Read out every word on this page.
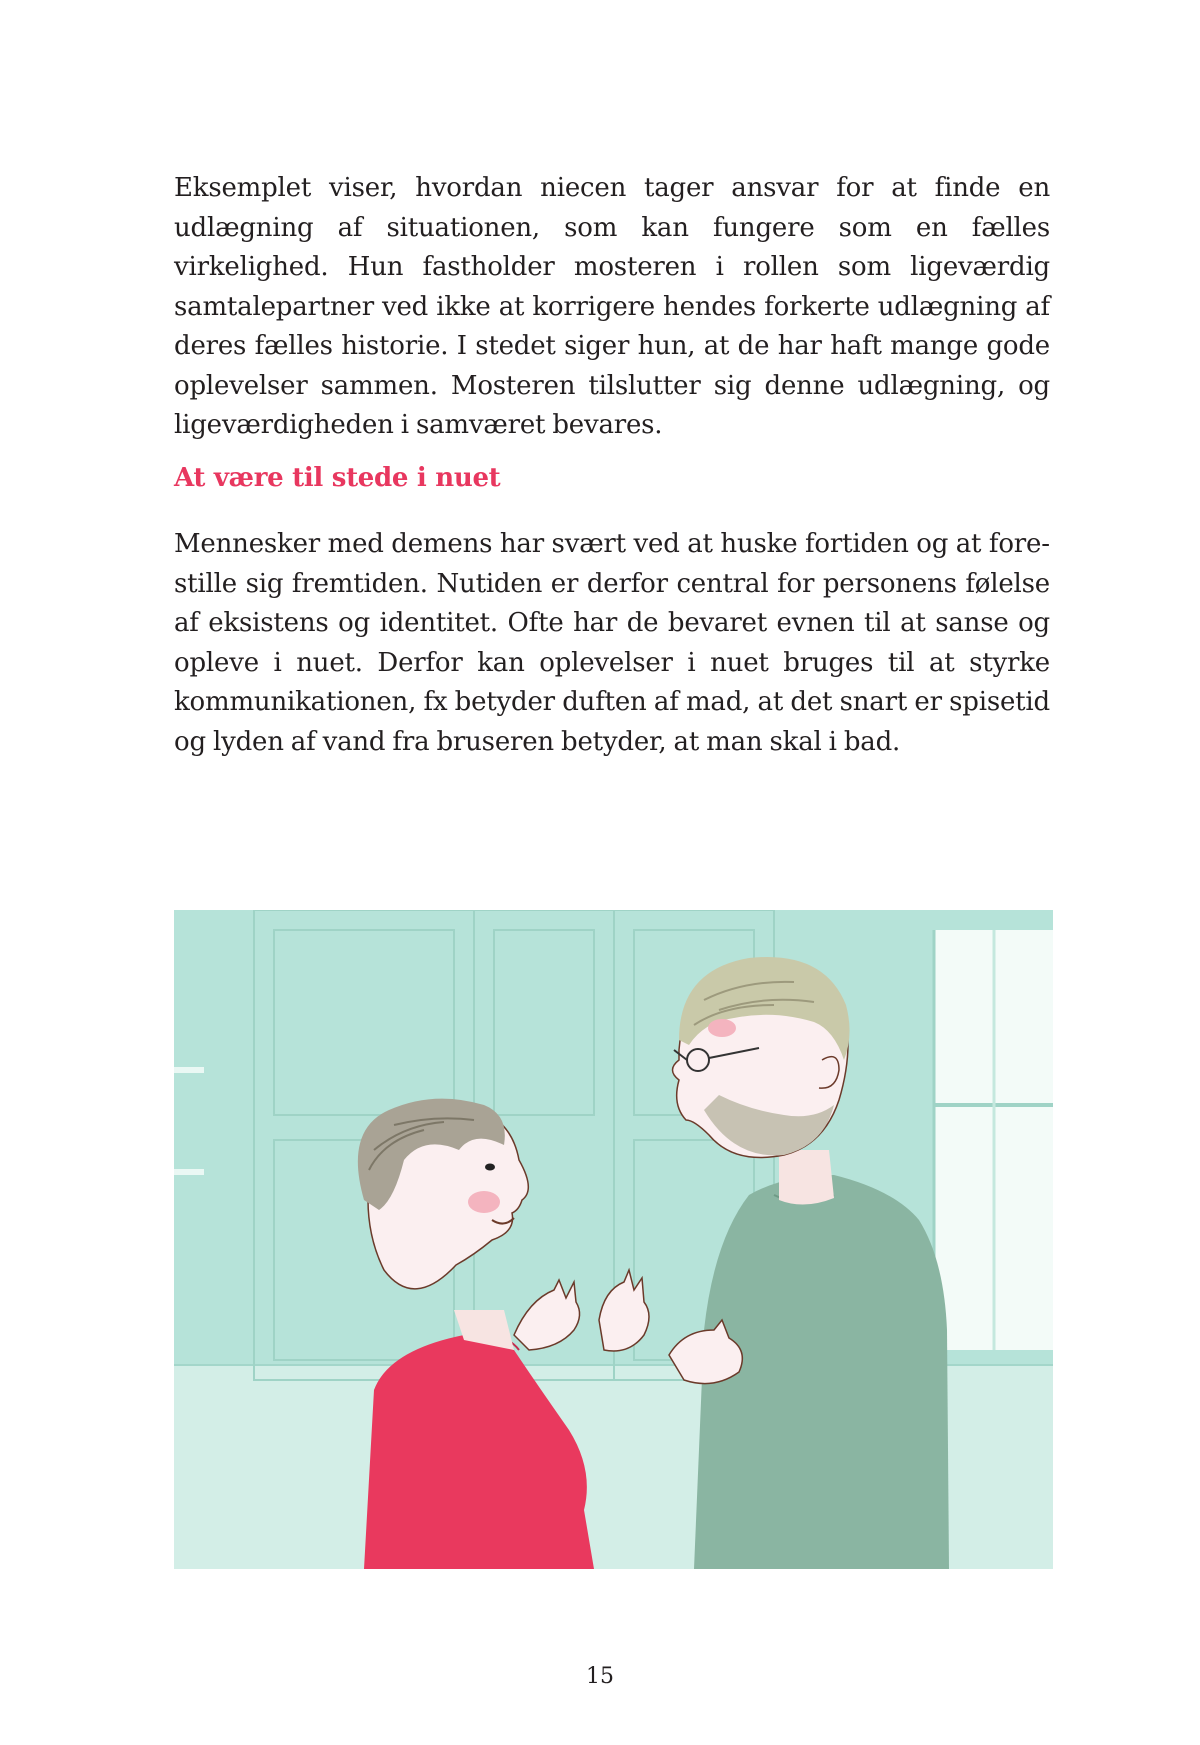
Eksemplet viser, hvordan niecen tager ansvar for at finde en udlægning af situationen, som kan fungere som en fælles virkelighed. Hun fastholder mosteren i rollen som ligeværdig samtalepartner ved ikke at korrigere hendes forkerte udlægning af deres fælles historie. I stedet siger hun, at de har haft mange gode oplevelser sammen. Mosteren tilslutter sig denne udlægning, og ligeværdigheden i samværet bevares.

At være til stede i nuet

Mennesker med demens har svært ved at huske fortiden og at forestille sig fremtiden. Nutiden er derfor central for personens følelse af eksistens og identitet. Ofte har de bevaret evnen til at sanse og opleve i nuet. Derfor kan oplevelser i nuet bruges til at styrke kommunikationen, fx betyder duften af mad, at det snart er spisetid og lyden af vand fra bruseren betyder, at man skal i bad.

15
